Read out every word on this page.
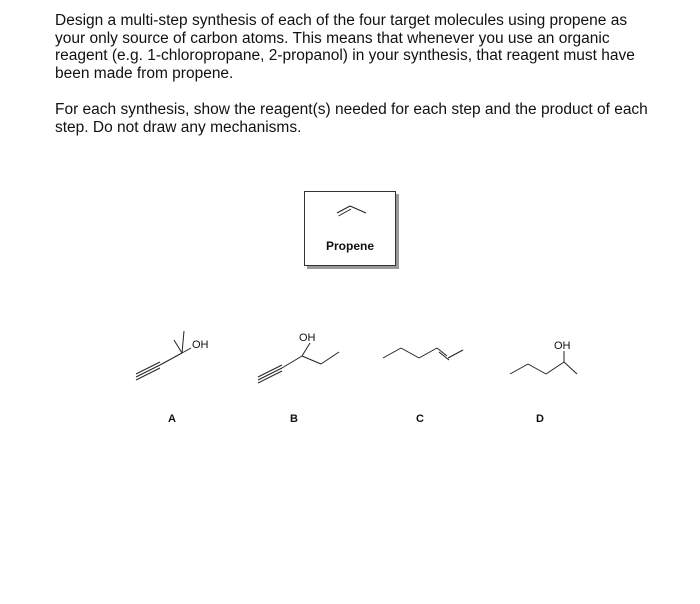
Design a multi-step synthesis of each of the four target molecules using propene as your only source of carbon atoms. This means that whenever you use an organic reagent (e.g. 1-chloropropane, 2-propanol) in your synthesis, that reagent must have been made from propene.

For each synthesis, show the reagent(s) needed for each step and the product of each step. Do not draw any mechanisms.

Propene
OH
A
OH
B	C
OH
D
